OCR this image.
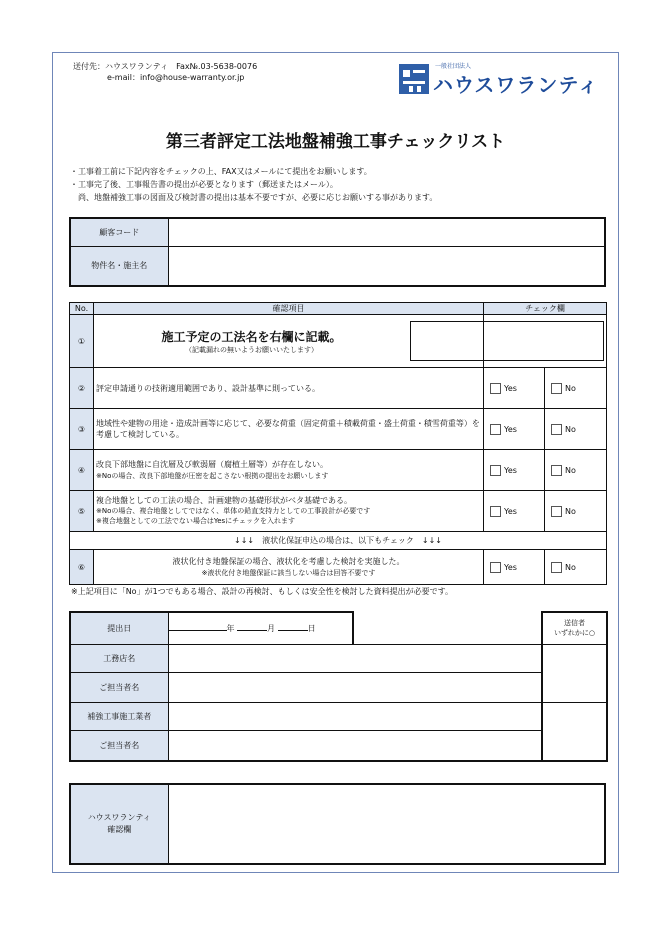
送付先：ハウスワランティ　Fax№.03-5638-0076
e-mail：info@house-warranty.or.jp
一般社団法人
ハウスワランティ
第三者評定工法地盤補強工事チェックリスト
・工事着工前に下記内容をチェックの上、FAX又はメールにて提出をお願いします。
・工事完了後、工事報告書の提出が必要となります（郵送またはメール）。
　尚、地盤補強工事の図面及び検討書の提出は基本不要ですが、必要に応じお願いする事があります。
顧客コード	
物件名・施主名	
No.	確認項目	チェック欄	
①	施工予定の工法名を右欄に記載。
（記載漏れの無いようお願いいたします）		

②	評定申請通りの技術適用範囲であり、設計基準に則っている。	Yes	No
③	地域性や建物の用途・造成計画等に応じて、必要な荷重（固定荷重＋積載荷重・盛土荷重・積雪荷重等）を考慮して検討している。	Yes	No
④	改良下部地盤に自沈層及び軟弱層（腐植土層等）が存在しない。
※Noの場合、改良下部地盤が圧密を起こさない根拠の提出をお願いします	Yes	No
⑤	複合地盤としての工法の場合、計画建物の基礎形状がベタ基礎である。
※Noの場合、複合地盤としてではなく、単体の鉛直支持力としての工事設計が必要です
※複合地盤としての工法でない場合はYesにチェックを入れます	Yes	No
↓↓↓　液状化保証申込の場合は、以下もチェック　↓↓↓			
⑥	液状化付き地盤保証の場合、液状化を考慮した検討を実施した。
※液状化付き地盤保証に該当しない場合は回答不要です	Yes	No
※上記項目に「No」が1つでもある場合、設計の再検討、もしくは安全性を検討した資料提出が必要です。
提出日	年 月 日		送信者
いずれかに○

工務店名			
ご担当者名			
補強工事施工業者			
ご担当者名			
ハウスワランティ
確認欄
